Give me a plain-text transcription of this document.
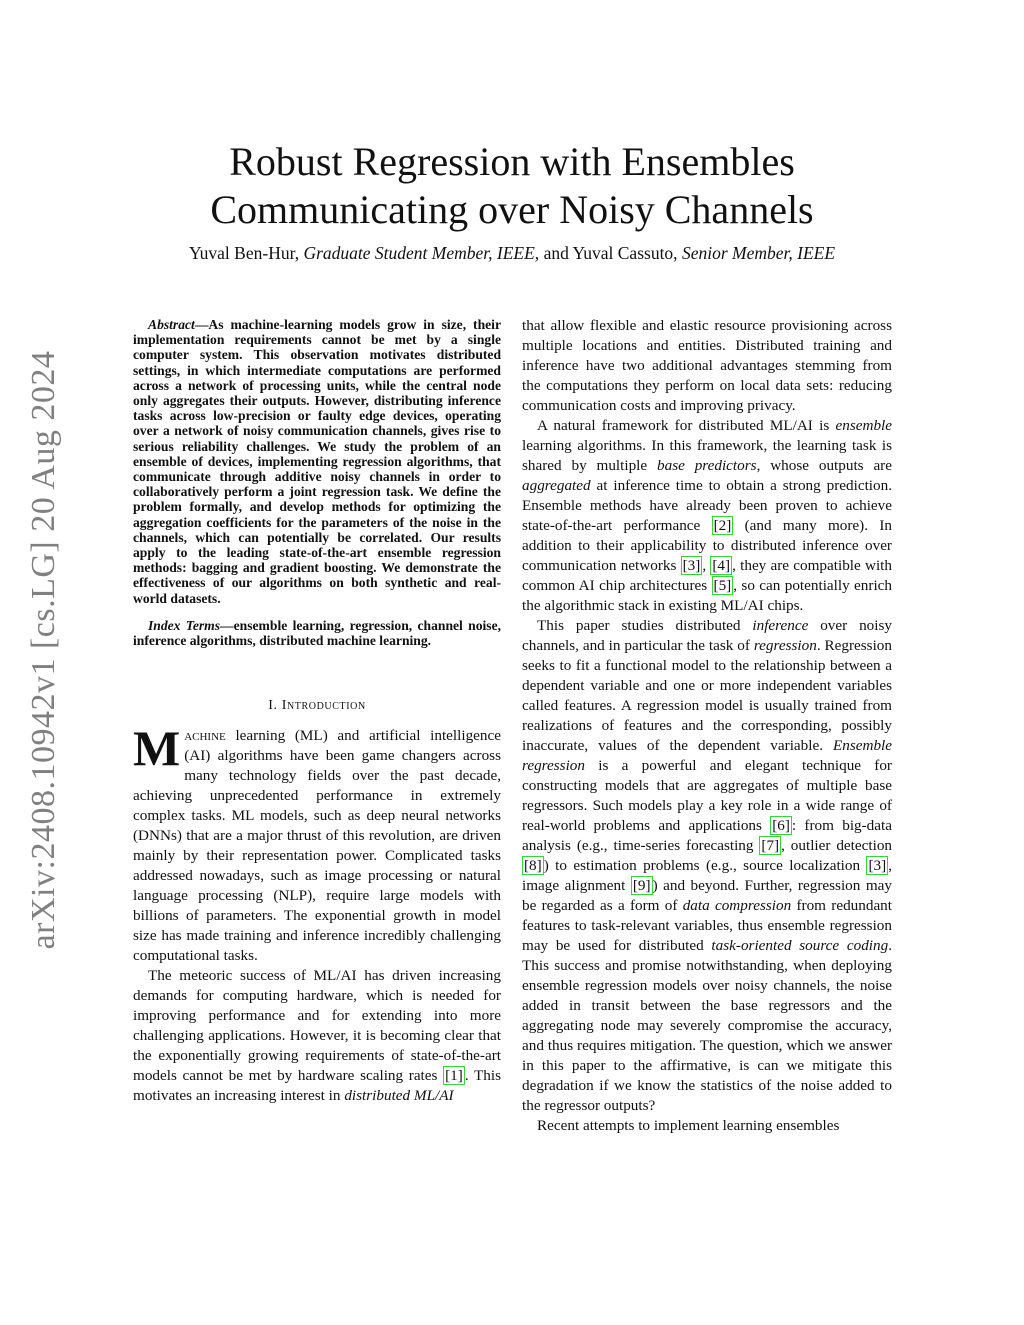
arXiv:2408.10942v1 [cs.LG] 20 Aug 2024
Robust Regression with Ensembles
Communicating over Noisy Channels

Yuval Ben-Hur, Graduate Student Member, IEEE, and Yuval Cassuto, Senior Member, IEEE

Abstract—As machine-learning models grow in size, their implementation requirements cannot be met by a single computer system. This observation motivates distributed settings, in which intermediate computations are performed across a network of processing units, while the central node only aggregates their outputs. However, distributing inference tasks across low-precision or faulty edge devices, operating over a network of noisy communication channels, gives rise to serious reliability challenges. We study the problem of an ensemble of devices, implementing regression algorithms, that communicate through additive noisy channels in order to collaboratively perform a joint regression task. We define the problem formally, and develop methods for optimizing the aggregation coefficients for the parameters of the noise in the channels, which can potentially be correlated. Our results apply to the leading state-of-the-art ensemble regression methods: bagging and gradient boosting. We demonstrate the effectiveness of our algorithms on both synthetic and real-world datasets.

Index Terms—ensemble learning, regression, channel noise, inference algorithms, distributed machine learning.

I. Introduction

Machine learning (ML) and artificial intelligence (AI) algorithms have been game changers across many technology fields over the past decade, achieving unprecedented performance in extremely complex tasks. ML models, such as deep neural networks (DNNs) that are a major thrust of this revolution, are driven mainly by their representation power. Complicated tasks addressed nowadays, such as image processing or natural language processing (NLP), require large models with billions of parameters. The exponential growth in model size has made training and inference incredibly challenging computational tasks.

The meteoric success of ML/AI has driven increasing demands for computing hardware, which is needed for improving performance and for extending into more challenging applications. However, it is becoming clear that the exponentially growing requirements of state-of-the-art models cannot be met by hardware scaling rates [1] . This motivates an increasing interest in distributed ML/AI

that allow flexible and elastic resource provisioning across multiple locations and entities. Distributed training and inference have two additional advantages stemming from the computations they perform on local data sets: reducing communication costs and improving privacy.

A natural framework for distributed ML/AI is ensemble learning algorithms. In this framework, the learning task is shared by multiple base predictors, whose outputs are aggregated at inference time to obtain a strong prediction. Ensemble methods have already been proven to achieve state-of-the-art performance [2] (and many more). In addition to their applicability to distributed inference over communication networks [3] , [4] , they are compatible with common AI chip architectures [5] , so can potentially enrich the algorithmic stack in existing ML/AI chips.

This paper studies distributed inference over noisy channels, and in particular the task of regression. Regression seeks to fit a functional model to the relationship between a dependent variable and one or more independent variables called features. A regression model is usually trained from realizations of features and the corresponding, possibly inaccurate, values of the dependent variable. Ensemble regression is a powerful and elegant technique for constructing models that are aggregates of multiple base regressors. Such models play a key role in a wide range of real-world problems and applications [6] : from big-data analysis (e.g., time-series forecasting [7] , outlier detection [8] ) to estimation problems (e.g., source localization [3] , image alignment [9] ) and beyond. Further, regression may be regarded as a form of data compression from redundant features to task-relevant variables, thus ensemble regression may be used for distributed task-oriented source coding. This success and promise notwithstanding, when deploying ensemble regression models over noisy channels, the noise added in transit between the base regressors and the aggregating node may severely compromise the accuracy, and thus requires mitigation. The question, which we answer in this paper to the affirmative, is can we mitigate this degradation if we know the statistics of the noise added to the regressor outputs?

Recent attempts to implement learning ensembles
